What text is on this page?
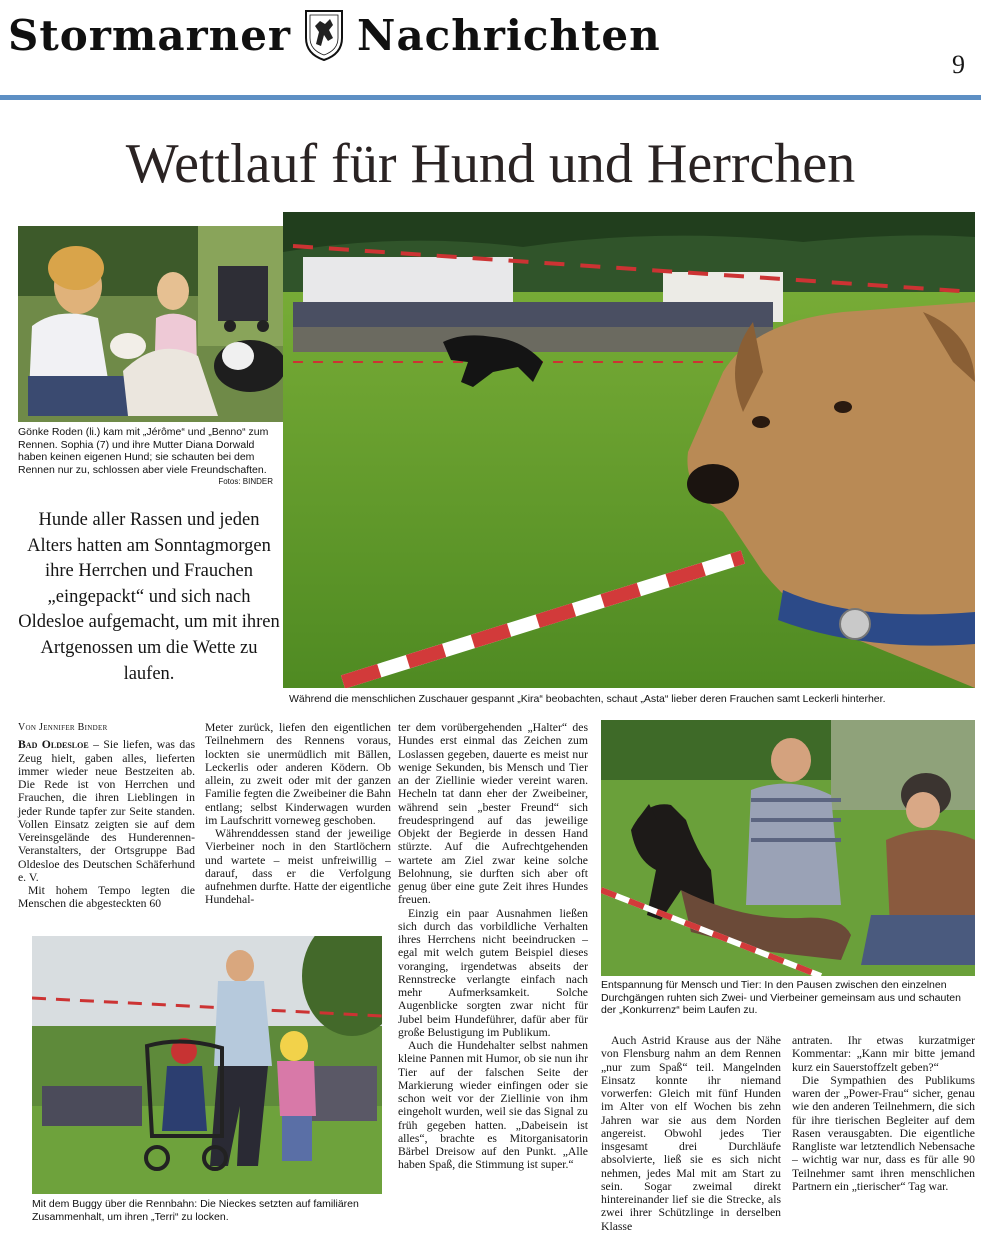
Stormarner Nachrichten
9
Wettlauf für Hund und Herrchen
Gönke Roden (li.) kam mit „Jérôme“ und „Benno“ zum Rennen. Sophia (7) und ihre Mutter Diana Dorwald haben keinen eigenen Hund; sie schauten bei dem Rennen nur zu, schlossen aber viele Freundschaften.
Fotos: BINDER
Hunde aller Rassen und jeden Alters hatten am Sonntagmorgen ihre Herrchen und Frauchen „eingepackt“ und sich nach Oldesloe aufgemacht, um mit ihren Artgenossen um die Wette zu laufen.
Während die menschlichen Zuschauer gespannt „Kira“ beobachten, schaut „Asta“ lieber deren Frauchen samt Leckerli hinterher.
Von Jennifer Binder

Bad Oldesloe – Sie liefen, was das Zeug hielt, gaben alles, lieferten immer wieder neue Bestzeiten ab. Die Rede ist von Herrchen und Frauchen, die ihren Lieblingen in jeder Runde tapfer zur Seite standen. Vollen Einsatz zeigten sie auf dem Vereinsgelände des Hunderennen-Veranstalters, der Ortsgruppe Bad Oldesloe des Deutschen Schäferhund e. V.

Mit hohem Tempo legten die Menschen die abgesteckten 60

Meter zurück, liefen den eigentlichen Teilnehmern des Rennens voraus, lockten sie unermüdlich mit Bällen, Leckerlis oder anderen Ködern. Ob allein, zu zweit oder mit der ganzen Familie fegten die Zweibeiner die Bahn entlang; selbst Kinderwagen wurden im Laufschritt vorneweg geschoben.

Währenddessen stand der jeweilige Vierbeiner noch in den Startlöchern und wartete – meist unfreiwillig – darauf, dass er die Verfolgung aufnehmen durfte. Hatte der eigentliche Hundehal-

ter dem vorübergehenden „Halter“ des Hundes erst einmal das Zeichen zum Loslassen gegeben, dauerte es meist nur wenige Sekunden, bis Mensch und Tier an der Ziellinie wieder vereint waren. Hecheln tat dann eher der Zweibeiner, während sein „bester Freund“ sich freudespringend auf das jeweilige Objekt der Begierde in dessen Hand stürzte. Auf die Aufrechtgehenden wartete am Ziel zwar keine solche Belohnung, sie durften sich aber oft genug über eine gute Zeit ihres Hundes freuen.

Einzig ein paar Ausnahmen ließen sich durch das vorbildliche Verhalten ihres Herrchens nicht beeindrucken – egal mit welch gutem Beispiel dieses voranging, irgendetwas abseits der Rennstrecke verlangte einfach nach mehr Aufmerksamkeit. Solche Augenblicke sorgten zwar nicht für Jubel beim Hundeführer, dafür aber für große Belustigung im Publikum.

Auch die Hundehalter selbst nahmen kleine Pannen mit Humor, ob sie nun ihr Tier auf der falschen Seite der Markierung wieder einfingen oder sie schon weit vor der Ziellinie von ihm eingeholt wurden, weil sie das Signal zu früh gegeben hatten. „Dabeisein ist alles“, brachte es Mitorganisatorin Bärbel Dreisow auf den Punkt. „Alle haben Spaß, die Stimmung ist super.“

Mit dem Buggy über die Rennbahn: Die Nieckes setzten auf familiären Zusammenhalt, um ihren „Terri“ zu locken.
Entspannung für Mensch und Tier: In den Pausen zwischen den einzelnen Durchgängen ruhten sich Zwei- und Vierbeiner gemeinsam aus und schauten der „Konkurrenz“ beim Laufen zu.

Auch Astrid Krause aus der Nähe von Flensburg nahm an dem Rennen „nur zum Spaß“ teil. Mangelnden Einsatz konnte ihr niemand vorwerfen: Gleich mit fünf Hunden im Alter von elf Wochen bis zehn Jahren war sie aus dem Norden angereist. Obwohl jedes Tier insgesamt drei Durchläufe absolvierte, ließ sie es sich nicht nehmen, jedes Mal mit am Start zu sein. Sogar zweimal direkt hintereinander lief sie die Strecke, als zwei ihrer Schützlinge in derselben Klasse

antraten. Ihr etwas kurzatmiger Kommentar: „Kann mir bitte jemand kurz ein Sauerstoffzelt geben?“

Die Sympathien des Publikums waren der „Power-Frau“ sicher, genau wie den anderen Teilnehmern, die sich für ihre tierischen Begleiter auf dem Rasen verausgabten. Die eigentliche Rangliste war letztendlich Nebensache – wichtig war nur, dass es für alle 90 Teilnehmer samt ihren menschlichen Partnern ein „tierischer“ Tag war.
